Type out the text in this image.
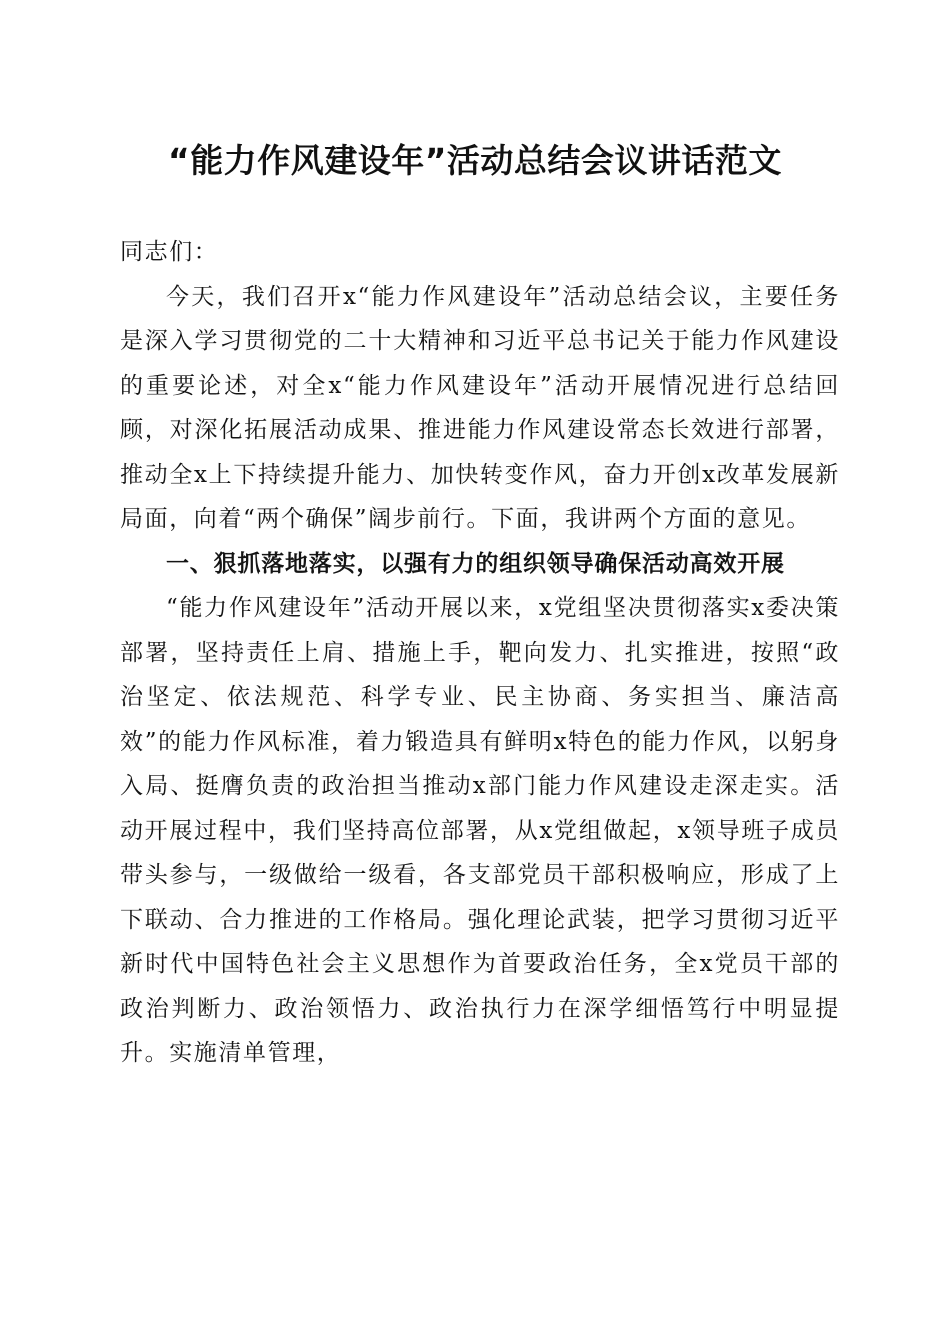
“能力作风建设年”活动总结会议讲话范文

同志们：

今天，我们召开x“能力作风建设年”活动总结会议，主要任务是深入学习贯彻党的二十大精神和习近平总书记关于能力作风建设的重要论述，对全x“能力作风建设年”活动开展情况进行总结回顾，对深化拓展活动成果、推进能力作风建设常态长效进行部署，推动全x上下持续提升能力、加快转变作风，奋力开创x改革发展新局面，向着“两个确保”阔步前行。下面，我讲两个方面的意见。

一、狠抓落地落实，以强有力的组织领导确保活动高效开展

“能力作风建设年”活动开展以来，x党组坚决贯彻落实x委决策部署，坚持责任上肩、措施上手，靶向发力、扎实推进，按照“政治坚定、依法规范、科学专业、民主协商、务实担当、廉洁高效”的能力作风标准，着力锻造具有鲜明x特色的能力作风，以躬身入局、挺膺负责的政治担当推动x部门能力作风建设走深走实。活动开展过程中，我们坚持高位部署，从x党组做起，x领导班子成员带头参与，一级做给一级看，各支部党员干部积极响应，形成了上下联动、合力推进的工作格局。强化理论武装，把学习贯彻习近平新时代中国特色社会主义思想作为首要政治任务，全x党员干部的政治判断力、政治领悟力、政治执行力在深学细悟笃行中明显提升。实施清单管理，
